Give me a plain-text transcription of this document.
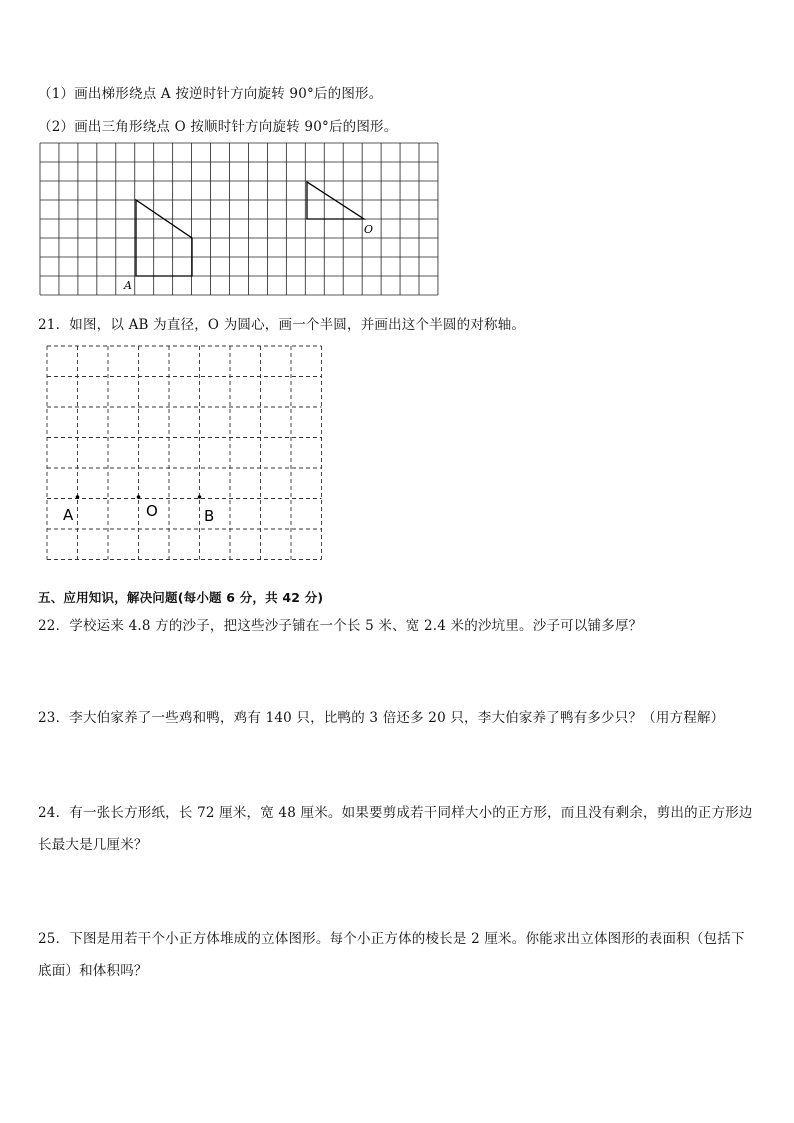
（1）画出梯形绕点 A 按逆时针方向旋转 90°后的图形。
（2）画出三角形绕点 O 按顺时针方向旋转 90°后的图形。
A
O
21．如图，以 AB 为直径，O 为圆心，画一个半圆，并画出这个半圆的对称轴。
A	O	B
五、应用知识，解决问题(每小题 6 分，共 42 分)
22．学校运来 4.8 方的沙子，把这些沙子铺在一个长 5 米、宽 2.4 米的沙坑里。沙子可以铺多厚？
23．李大伯家养了一些鸡和鸭，鸡有 140 只，比鸭的 3 倍还多 20 只，李大伯家养了鸭有多少只？（用方程解）
24．有一张长方形纸，长 72 厘米，宽 48 厘米。如果要剪成若干同样大小的正方形，而且没有剩余，剪出的正方形边
长最大是几厘米？
25．下图是用若干个小正方体堆成的立体图形。每个小正方体的棱长是 2 厘米。你能求出立体图形的表面积（包括下
底面）和体积吗？
